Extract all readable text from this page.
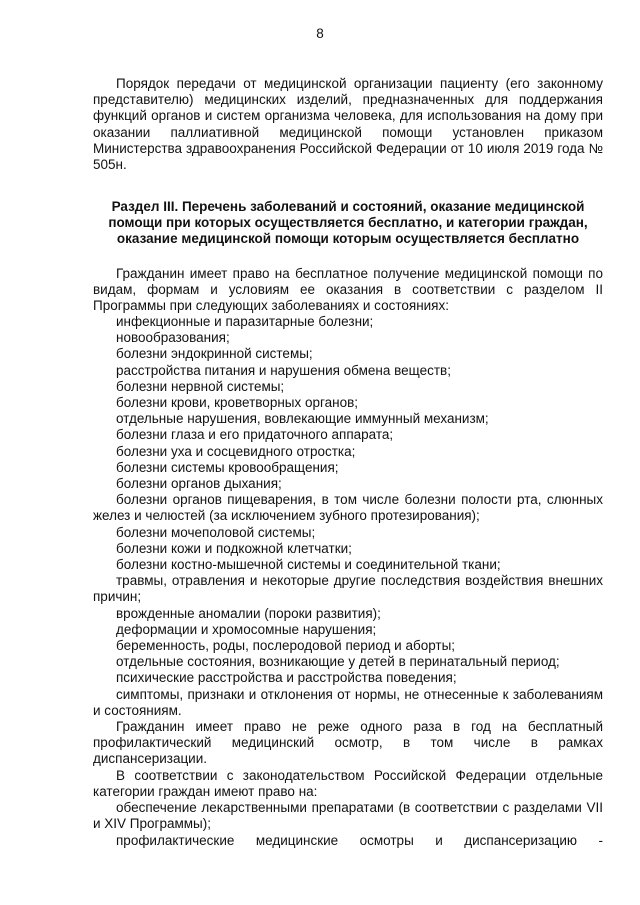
8

Порядок передачи от медицинской организации пациенту (его законному представителю) медицинских изделий, предназначенных для поддержания функций органов и систем организма человека, для использования на дому при оказании паллиативной медицинской помощи установлен приказом Министерства здравоохранения Российской Федерации от 10 июля 2019 года № 505н.

Раздел III. Перечень заболеваний и состояний, оказание медицинской помощи при которых осуществляется бесплатно, и категории граждан, оказание медицинской помощи которым осуществляется бесплатно

Гражданин имеет право на бесплатное получение медицинской помощи по видам, формам и условиям ее оказания в соответствии с разделом II Программы при следующих заболеваниях и состояниях:

инфекционные и паразитарные болезни;

новообразования;

болезни эндокринной системы;

расстройства питания и нарушения обмена веществ;

болезни нервной системы;

болезни крови, кроветворных органов;

отдельные нарушения, вовлекающие иммунный механизм;

болезни глаза и его придаточного аппарата;

болезни уха и сосцевидного отростка;

болезни системы кровообращения;

болезни органов дыхания;

болезни органов пищеварения, в том числе болезни полости рта, слюнных желез и челюстей (за исключением зубного протезирования);

болезни мочеполовой системы;

болезни кожи и подкожной клетчатки;

болезни костно-мышечной системы и соединительной ткани;

травмы, отравления и некоторые другие последствия воздействия внешних причин;

врожденные аномалии (пороки развития);

деформации и хромосомные нарушения;

беременность, роды, послеродовой период и аборты;

отдельные состояния, возникающие у детей в перинатальный период;

психические расстройства и расстройства поведения;

симптомы, признаки и отклонения от нормы, не отнесенные к заболеваниям и состояниям.

Гражданин имеет право не реже одного раза в год на бесплатный профилактический медицинский осмотр, в том числе в рамках диспансеризации.

В соответствии с законодательством Российской Федерации отдельные категории граждан имеют право на:

обеспечение лекарственными препаратами (в соответствии с разделами VII и XIV Программы);

профилактические медицинские осмотры и диспансеризацию -
